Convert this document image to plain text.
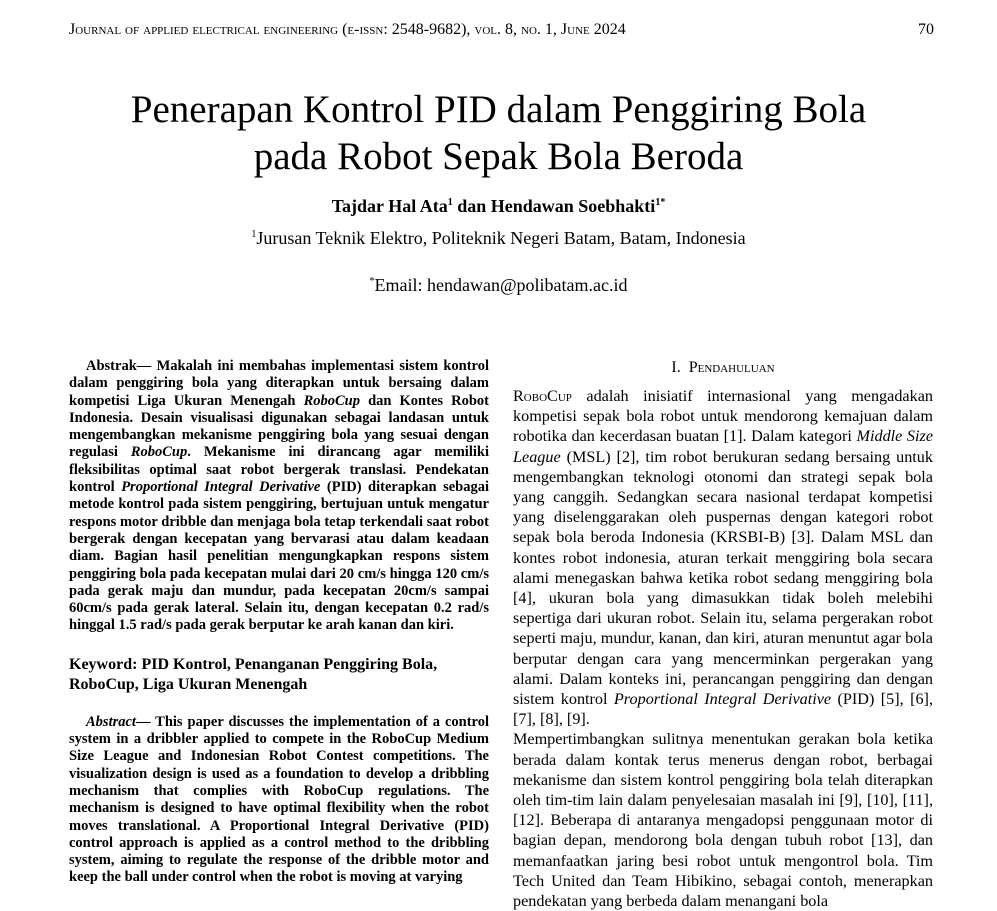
Journal of applied electrical engineering (e-issn: 2548-9682), vol. 8, no. 1, June 2024	70
Penerapan Kontrol PID dalam Penggiring Bola
pada Robot Sepak Bola Beroda
Tajdar Hal Ata$^1$ dan Hendawan Soebhakti$^{1*}$
$^1$Jurusan Teknik Elektro, Politeknik Negeri Batam, Batam, Indonesia
*Email: hendawan@polibatam.ac.id

Abstrak— Makalah ini membahas implementasi sistem kontrol dalam penggiring bola yang diterapkan untuk bersaing dalam kompetisi Liga Ukuran Menengah RoboCup dan Kontes Robot Indonesia. Desain visualisasi digunakan sebagai landasan untuk mengembangkan mekanisme penggiring bola yang sesuai dengan regulasi RoboCup. Mekanisme ini dirancang agar memiliki fleksibilitas optimal saat robot bergerak translasi. Pendekatan kontrol Proportional Integral Derivative (PID) diterapkan sebagai metode kontrol pada sistem penggiring, bertujuan untuk mengatur respons motor dribble dan menjaga bola tetap terkendali saat robot bergerak dengan kecepatan yang bervarasi atau dalam keadaan diam. Bagian hasil penelitian mengungkapkan respons sistem penggiring bola pada kecepatan mulai dari 20 cm/s hingga 120 cm/s pada gerak maju dan mundur, pada kecepatan 20cm/s sampai 60cm/s pada gerak lateral. Selain itu, dengan kecepatan 0.2 rad/s hinggal 1.5 rad/s pada gerak berputar ke arah kanan dan kiri.

Keyword: PID Kontrol, Penanganan Penggiring Bola, RoboCup, Liga Ukuran Menengah

Abstract— This paper discusses the implementation of a control system in a dribbler applied to compete in the RoboCup Medium Size League and Indonesian Robot Contest competitions. The visualization design is used as a foundation to develop a dribbling mechanism that complies with RoboCup regulations. The mechanism is designed to have optimal flexibility when the robot moves translational. A Proportional Integral Derivative (PID) control approach is applied as a control method to the dribbling system, aiming to regulate the response of the dribble motor and keep the ball under control when the robot is moving at varying

I. Pendahuluan

RoboCup adalah inisiatif internasional yang mengadakan kompetisi sepak bola robot untuk mendorong kemajuan dalam robotika dan kecerdasan buatan [1]. Dalam kategori Middle Size League (MSL) [2], tim robot berukuran sedang bersaing untuk mengembangkan teknologi otonomi dan strategi sepak bola yang canggih. Sedangkan secara nasional terdapat kompetisi yang diselenggarakan oleh puspernas dengan kategori robot sepak bola beroda Indonesia (KRSBI-B) [3]. Dalam MSL dan kontes robot indonesia, aturan terkait menggiring bola secara alami menegaskan bahwa ketika robot sedang menggiring bola [4], ukuran bola yang dimasukkan tidak boleh melebihi sepertiga dari ukuran robot. Selain itu, selama pergerakan robot seperti maju, mundur, kanan, dan kiri, aturan menuntut agar bola berputar dengan cara yang mencerminkan pergerakan yang alami. Dalam konteks ini, perancangan penggiring dan dengan sistem kontrol Proportional Integral Derivative (PID) [5], [6], [7], [8], [9].

Mempertimbangkan sulitnya menentukan gerakan bola ketika berada dalam kontak terus menerus dengan robot, berbagai mekanisme dan sistem kontrol penggiring bola telah diterapkan oleh tim-tim lain dalam penyelesaian masalah ini [9], [10], [11], [12]. Beberapa di antaranya mengadopsi penggunaan motor di bagian depan, mendorong bola dengan tubuh robot [13], dan memanfaatkan jaring besi robot untuk mengontrol bola. Tim Tech United dan Team Hibikino, sebagai contoh, menerapkan pendekatan yang berbeda dalam menangani bola
